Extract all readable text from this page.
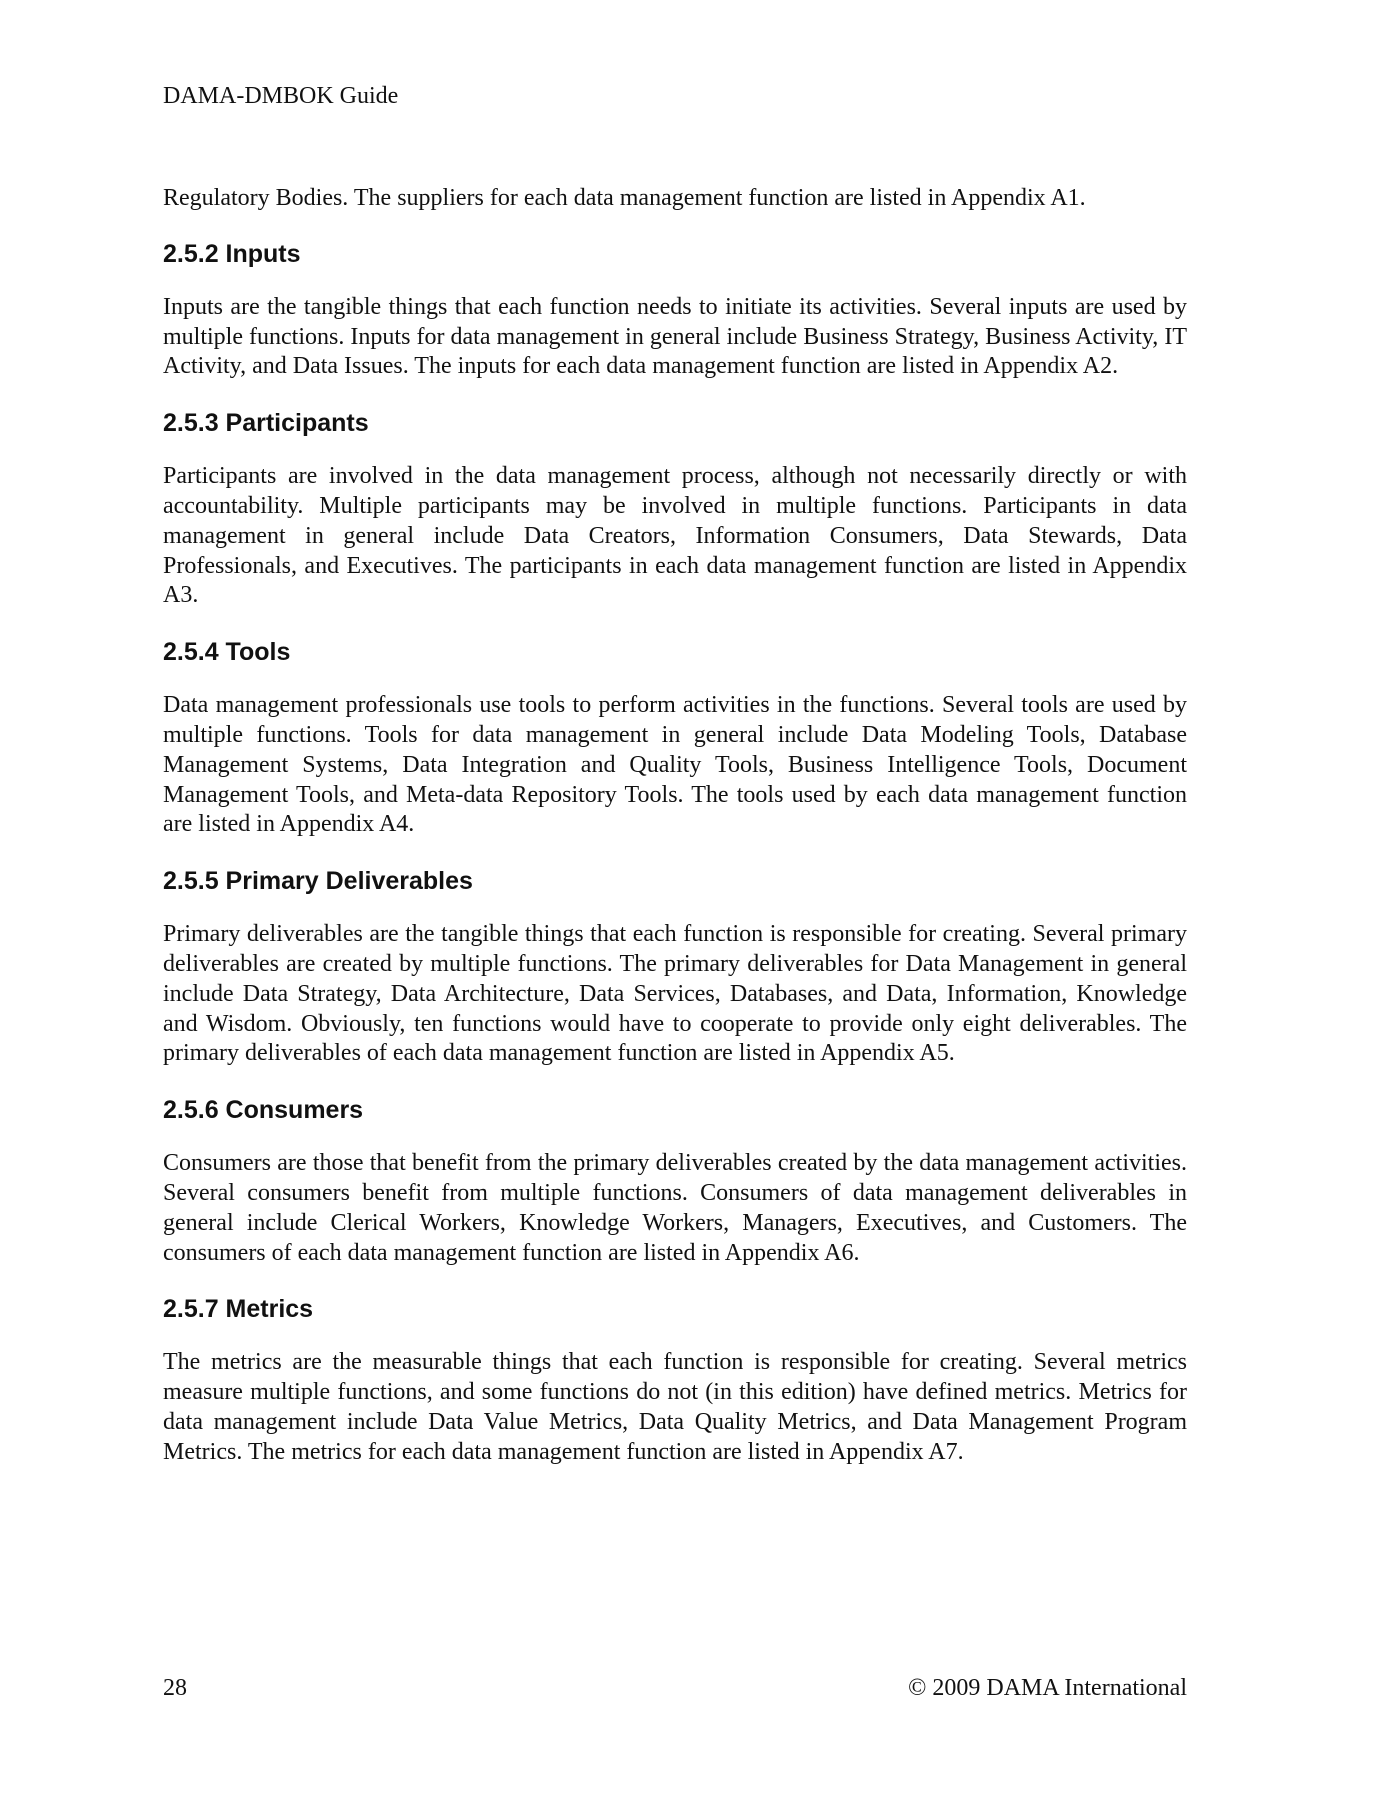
DAMA-DMBOK Guide

Regulatory Bodies. The suppliers for each data management function are listed in Appendix A1.

2.5.2 Inputs

Inputs are the tangible things that each function needs to initiate its activities. Several inputs are used by multiple functions. Inputs for data management in general include Business Strategy, Business Activity, IT Activity, and Data Issues. The inputs for each data management function are listed in Appendix A2.

2.5.3 Participants

Participants are involved in the data management process, although not necessarily directly or with accountability. Multiple participants may be involved in multiple functions. Participants in data management in general include Data Creators, Information Consumers, Data Stewards, Data Professionals, and Executives. The participants in each data management function are listed in Appendix A3.

2.5.4 Tools

Data management professionals use tools to perform activities in the functions. Several tools are used by multiple functions. Tools for data management in general include Data Modeling Tools, Database Management Systems, Data Integration and Quality Tools, Business Intelligence Tools, Document Management Tools, and Meta-data Repository Tools. The tools used by each data management function are listed in Appendix A4.

2.5.5 Primary Deliverables

Primary deliverables are the tangible things that each function is responsible for creating. Several primary deliverables are created by multiple functions. The primary deliverables for Data Management in general include Data Strategy, Data Architecture, Data Services, Databases, and Data, Information, Knowledge and Wisdom. Obviously, ten functions would have to cooperate to provide only eight deliverables. The primary deliverables of each data management function are listed in Appendix A5.

2.5.6 Consumers

Consumers are those that benefit from the primary deliverables created by the data management activities. Several consumers benefit from multiple functions. Consumers of data management deliverables in general include Clerical Workers, Knowledge Workers, Managers, Executives, and Customers. The consumers of each data management function are listed in Appendix A6.

2.5.7 Metrics

The metrics are the measurable things that each function is responsible for creating. Several metrics measure multiple functions, and some functions do not (in this edition) have defined metrics. Metrics for data management include Data Value Metrics, Data Quality Metrics, and Data Management Program Metrics. The metrics for each data management function are listed in Appendix A7.

28	© 2009 DAMA International
